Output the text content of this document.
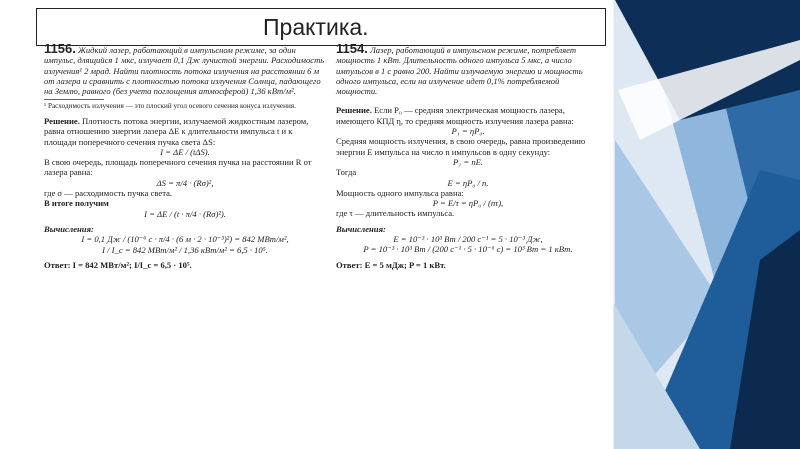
Практика.

1156. Жидкий лазер, работающий в импульсном режиме, за один импульс, длящийся 1 мкс, излучает 0,1 Дж лучистой энергии. Расходимость излучения¹ 2 мрад. Найти плотность потока излучения на расстоянии 6 м от лазера и сравнить с плотностью потока излучения Солнца, падающего на Землю, равного (без учета поглощения атмосферой) 1,36 кВт/м².

¹ Расходимость излучения — это плоский угол осевого сечения конуса излучения.

Решение. Плотность потока энергии, излучаемой жидкостным лазером, равна отношению энергии лазера ΔE к длительности импульса t и к площади поперечного сечения пучка света ΔS:

I = ΔE / (tΔS).

В свою очередь, площадь поперечного сечения пучка на расстоянии R от лазера равна:

ΔS = π/4 · (Rσ)²,

где σ — расходимость пучка света.

В итоге получим

I = ΔE / (t · π/4 · (Rσ)²).

Вычисления:

I = 0,1 Дж / (10⁻⁶ с · π/4 · (6 м · 2 · 10⁻³)²) = 842 МВт/м²,

I / I_c = 842 МВт/м² / 1,36 кВт/м² = 6,5 · 10⁵.

Ответ: I = 842 МВт/м²; I/I_c = 6,5 · 10⁵.

1154. Лазер, работающий в импульсном режиме, потребляет мощность 1 кВт. Длительность одного импульса 5 мкс, а число импульсов в 1 с равно 200. Найти излучаемую энергию и мощность одного импульса, если на излучение идет 0,1% потребляемой мощности.

Решение. Если P₀ — средняя электрическая мощность лазера, имеющего КПД η, то средняя мощность излучения лазера равна:

P₁ = ηP₀.

Средняя мощность излучения, в свою очередь, равна произведению энергии E импульса на число n импульсов в одну секунду:

P₁ = nE.

Тогда

E = ηP₀ / n.

Мощность одного импульса равна:

P = E/τ = ηP₀ / (nτ),

где τ — длительность импульса.

Вычисления:

E = 10⁻³ · 10³ Вт / 200 с⁻¹ = 5 · 10⁻³ Дж,

P = 10⁻³ · 10³ Вт / (200 с⁻¹ · 5 · 10⁻⁶ с) = 10³ Вт = 1 кВт.

Ответ: E = 5 мДж; P = 1 кВт.
